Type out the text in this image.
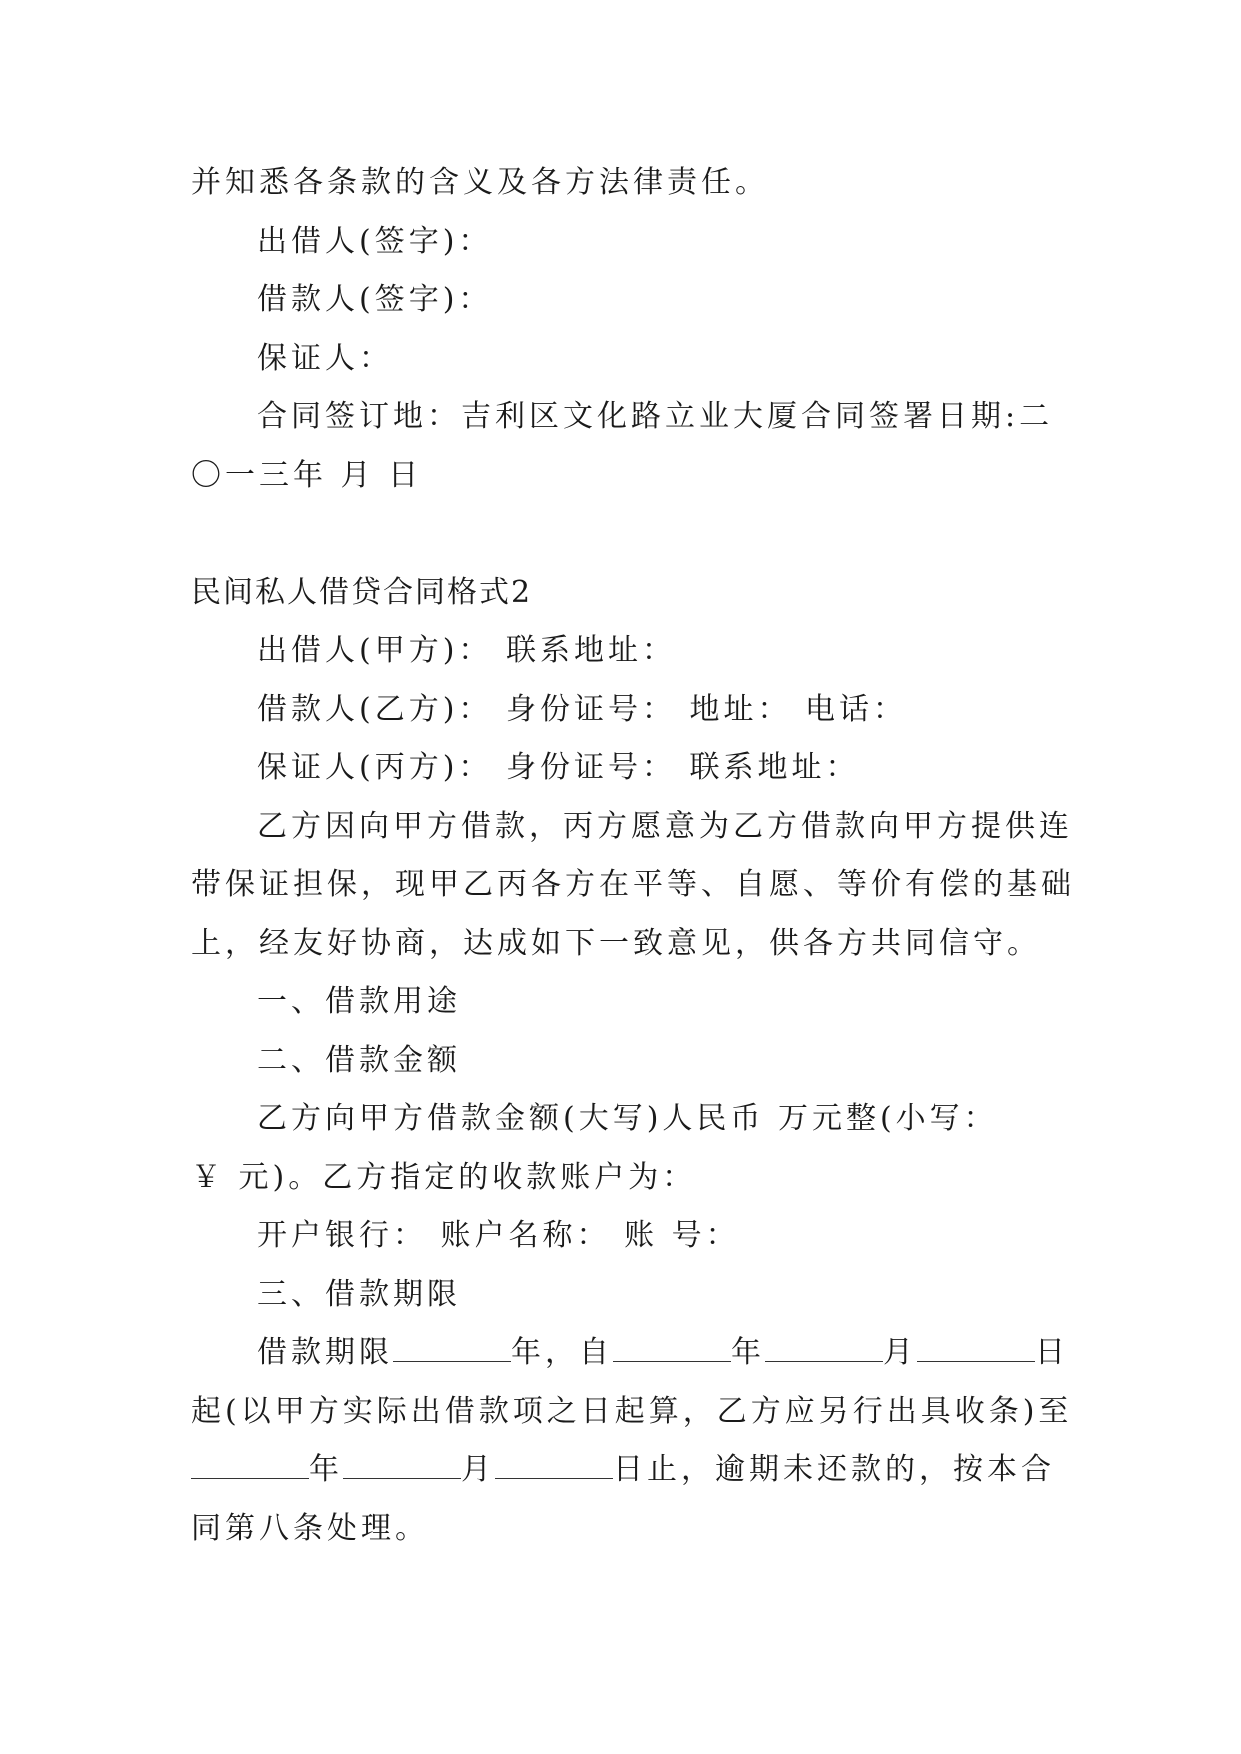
并知悉各条款的含义及各方法律责任。
出借人(签字)：
借款人(签字)：
保证人：
合同签订地：吉利区文化路立业大厦合同签署日期:二
〇一三年 月 日
民间私人借贷合同格式2
出借人(甲方)： 联系地址：
借款人(乙方)： 身份证号： 地址： 电话：
保证人(丙方)： 身份证号： 联系地址：
乙方因向甲方借款，丙方愿意为乙方借款向甲方提供连
带保证担保，现甲乙丙各方在平等、自愿、等价有偿的基础
上，经友好协商，达成如下一致意见，供各方共同信守。
一、借款用途
二、借款金额
乙方向甲方借款金额(大写)人民币 万元整(小写：
￥ 元)。乙方指定的收款账户为：
开户银行： 账户名称： 账 号：
三、借款期限
借款期限	年，自	年	月	日
起(以甲方实际出借款项之日起算，乙方应另行出具收条)至
年	月	日止，逾期未还款的，按本合
同第八条处理。
